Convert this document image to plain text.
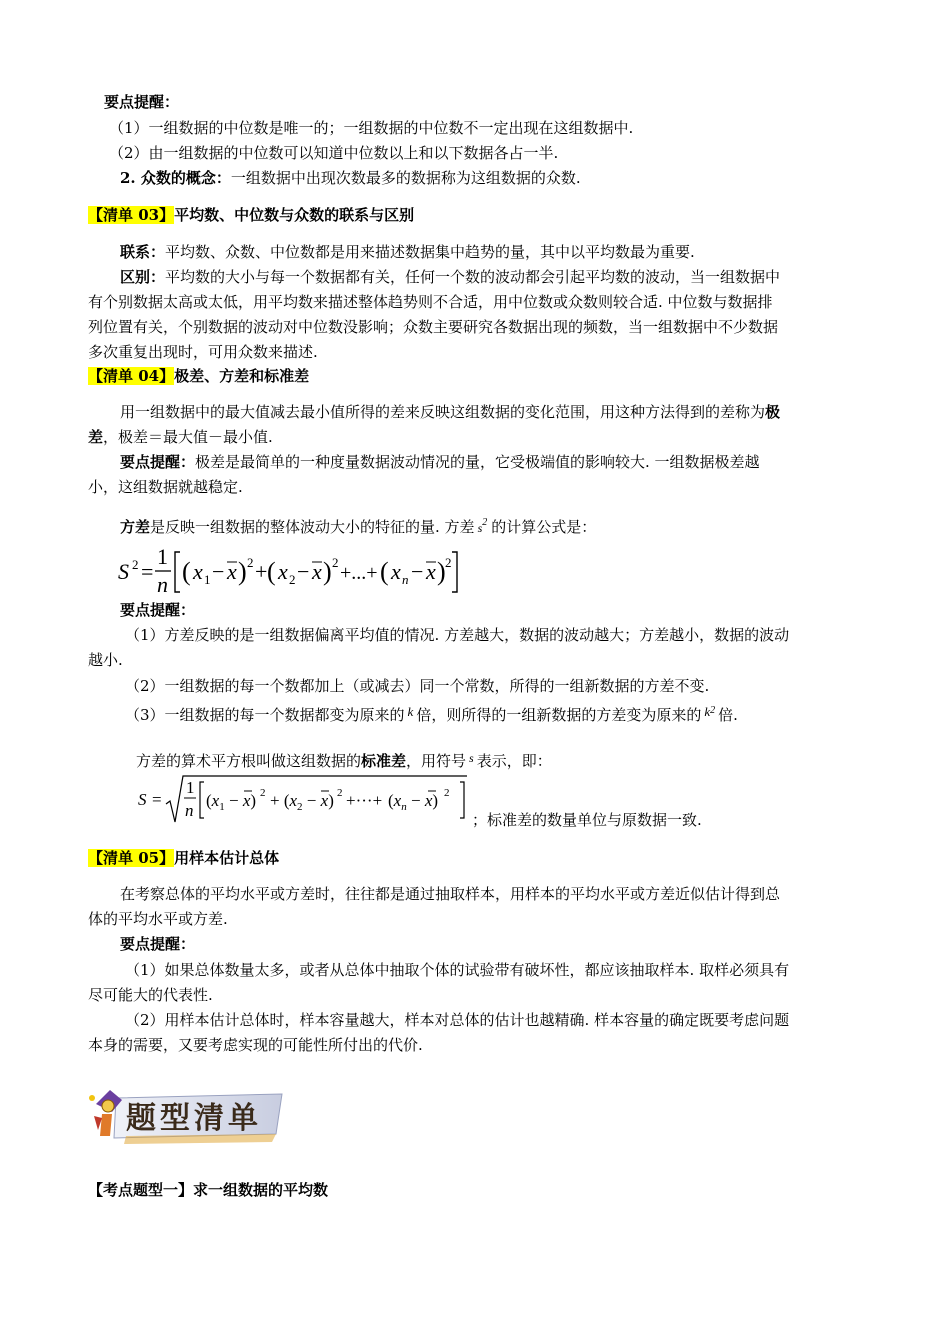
要点提醒：
（1）一组数据的中位数是唯一的；一组数据的中位数不一定出现在这组数据中.
（2）由一组数据的中位数可以知道中位数以上和以下数据各占一半.
2. 众数的概念：一组数据中出现次数最多的数据称为这组数据的众数.
【清单 03】平均数、中位数与众数的联系与区别
联系：平均数、众数、中位数都是用来描述数据集中趋势的量，其中以平均数最为重要.
区别：平均数的大小与每一个数据都有关，任何一个数的波动都会引起平均数的波动，当一组数据中
有个别数据太高或太低，用平均数来描述整体趋势则不合适，用中位数或众数则较合适. 中位数与数据排
列位置有关，个别数据的波动对中位数没影响；众数主要研究各数据出现的频数，当一组数据中不少数据
多次重复出现时，可用众数来描述.
【清单 04】极差、方差和标准差
用一组数据中的最大值减去最小值所得的差来反映这组数据的变化范围，用这种方法得到的差称为极
差，极差＝最大值－最小值.
要点提醒：极差是最简单的一种度量数据波动情况的量，它受极端值的影响较大. 一组数据极差越
小，这组数据就越稳定.
方差是反映一组数据的整体波动大小的特征的量. 方差 $s^2$ 的计算公式是：
S 2 =
1
n ( x 1 − x ) 2 + ( x 2 − x ) 2 +...+ ( x n − x ) 2
要点提醒：
（1）方差反映的是一组数据偏离平均值的情况. 方差越大，数据的波动越大；方差越小，数据的波动
越小.
（2）一组数据的每一个数都加上（或减去）同一个常数，所得的一组新数据的方差不变.
（3）一组数据的每一个数据都变为原来的 k 倍，则所得的一组新数据的方差变为原来的 $k^2$ 倍.
方差的算术平方根叫做这组数据的标准差，用符号 $^s$ 表示，即：
S =
1
n
$(x_1 - x) 2 + (x_2 - x)$ 2 +···+ $(x_n - x)$ 2
；标准差的数量单位与原数据一致.
【清单 05】用样本估计总体
在考察总体的平均水平或方差时，往往都是通过抽取样本，用样本的平均水平或方差近似估计得到总
体的平均水平或方差.
要点提醒：
（1）如果总体数量太多，或者从总体中抽取个体的试验带有破坏性，都应该抽取样本. 取样必须具有
尽可能大的代表性.
（2）用样本估计总体时，样本容量越大，样本对总体的估计也越精确. 样本容量的确定既要考虑问题
本身的需要，又要考虑实现的可能性所付出的代价.
题型清单
【考点题型一】求一组数据的平均数
